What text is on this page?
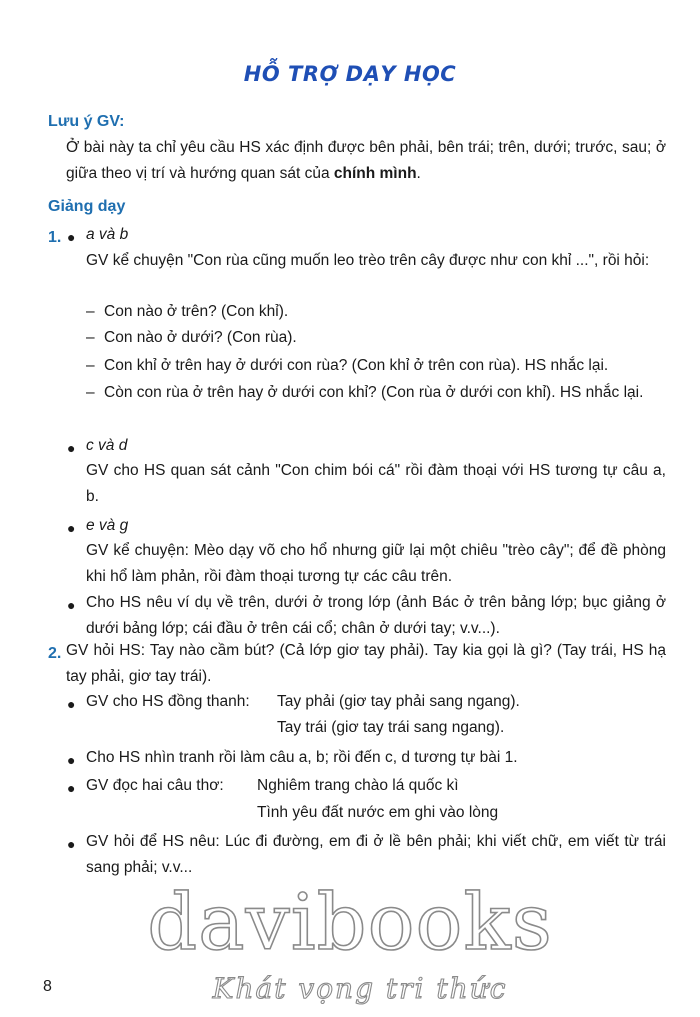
HỖ TRỢ DẠY HỌC
Lưu ý GV:
Ở bài này ta chỉ yêu cầu HS xác định được bên phải, bên trái; trên, dưới; trước, sau; ở giữa theo vị trí và hướng quan sát của chính mình.
Giảng dạy
1. ● a và b
GV kể chuyện "Con rùa cũng muốn leo trèo trên cây được như con khỉ ...", rồi hỏi:
– Con nào ở trên? (Con khỉ).
– Con nào ở dưới? (Con rùa).
– Con khỉ ở trên hay ở dưới con rùa? (Con khỉ ở trên con rùa). HS nhắc lại.
– Còn con rùa ở trên hay ở dưới con khỉ? (Con rùa ở dưới con khỉ). HS nhắc lại.
● c và d
GV cho HS quan sát cảnh "Con chim bói cá" rồi đàm thoại với HS tương tự câu a, b.
● e và g
GV kể chuyện: Mèo dạy võ cho hổ nhưng giữ lại một chiêu "trèo cây"; để đề phòng khi hổ làm phản, rồi đàm thoại tương tự các câu trên.
● Cho HS nêu ví dụ về trên, dưới ở trong lớp (ảnh Bác ở trên bảng lớp; bục giảng ở dưới bảng lớp; cái đầu ở trên cái cổ; chân ở dưới tay; v.v...).
2. GV hỏi HS: Tay nào cầm bút? (Cả lớp giơ tay phải). Tay kia gọi là gì? (Tay trái, HS hạ tay phải, giơ tay trái).
● GV cho HS đồng thanh: Tay phải (giơ tay phải sang ngang).
Tay trái (giơ tay trái sang ngang).
● Cho HS nhìn tranh rồi làm câu a, b; rồi đến c, d tương tự bài 1.
● GV đọc hai câu thơ: Nghiêm trang chào lá quốc kì
Tình yêu đất nước em ghi vào lòng
● GV hỏi để HS nêu: Lúc đi đường, em đi ở lề bên phải; khi viết chữ, em viết từ trái sang phải; v.v...
davibooks
Khát vọng tri thức
8
